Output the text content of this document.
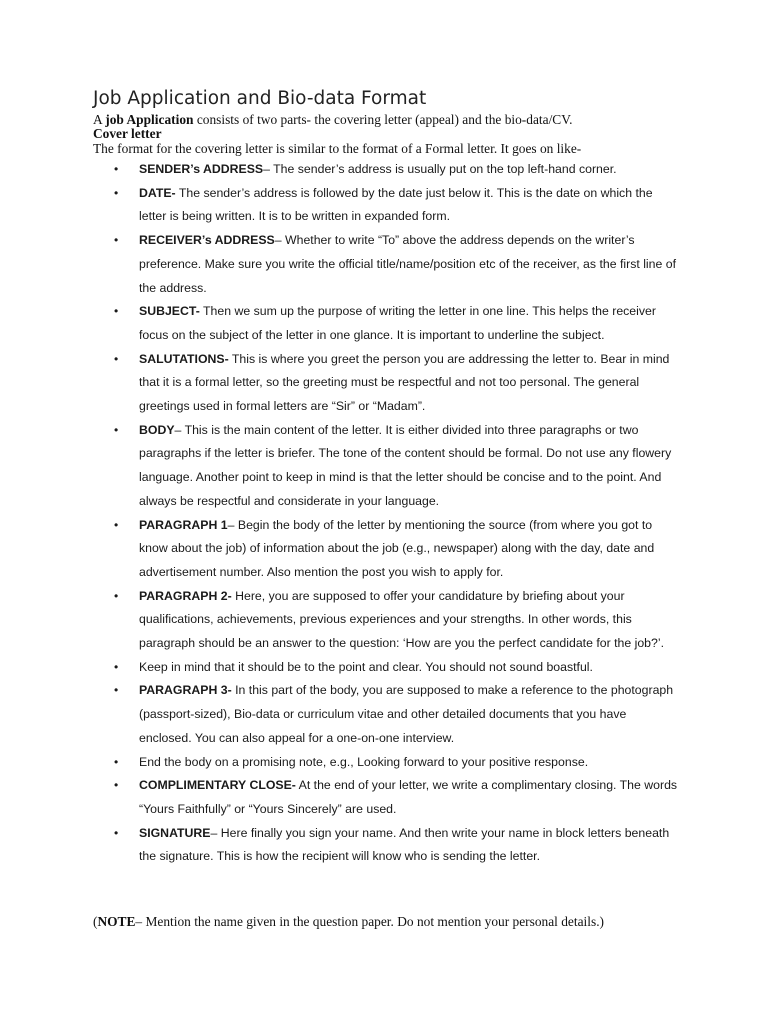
Job Application and Bio-data Format

A job Application consists of two parts- the covering letter (appeal) and the bio-data/CV.

Cover letter

The format for the covering letter is similar to the format of a Formal letter. It goes on like-

• SENDER’s ADDRESS– The sender’s address is usually put on the top left-hand corner.
• DATE- The sender’s address is followed by the date just below it. This is the date on which the letter is being written. It is to be written in expanded form.
• RECEIVER’s ADDRESS– Whether to write “To” above the address depends on the writer’s preference. Make sure you write the official title/name/position etc of the receiver, as the first line of the address.
• SUBJECT- Then we sum up the purpose of writing the letter in one line. This helps the receiver focus on the subject of the letter in one glance. It is important to underline the subject.
• SALUTATIONS- This is where you greet the person you are addressing the letter to. Bear in mind that it is a formal letter, so the greeting must be respectful and not too personal. The general greetings used in formal letters are “Sir” or “Madam”.
• BODY– This is the main content of the letter. It is either divided into three paragraphs or two paragraphs if the letter is briefer. The tone of the content should be formal. Do not use any flowery language. Another point to keep in mind is that the letter should be concise and to the point. And always be respectful and considerate in your language.
• PARAGRAPH 1– Begin the body of the letter by mentioning the source (from where you got to know about the job) of information about the job (e.g., newspaper) along with the day, date and advertisement number. Also mention the post you wish to apply for.
• PARAGRAPH 2- Here, you are supposed to offer your candidature by briefing about your qualifications, achievements, previous experiences and your strengths. In other words, this paragraph should be an answer to the question: ‘How are you the perfect candidate for the job?’.
• Keep in mind that it should be to the point and clear. You should not sound boastful.
• PARAGRAPH 3- In this part of the body, you are supposed to make a reference to the photograph (passport-sized), Bio-data or curriculum vitae and other detailed documents that you have enclosed. You can also appeal for a one-on-one interview.
• End the body on a promising note, e.g., Looking forward to your positive response.
• COMPLIMENTARY CLOSE- At the end of your letter, we write a complimentary closing. The words “Yours Faithfully” or “Yours Sincerely” are used.
• SIGNATURE– Here finally you sign your name. And then write your name in block letters beneath the signature. This is how the recipient will know who is sending the letter.

(NOTE– Mention the name given in the question paper. Do not mention your personal details.)
